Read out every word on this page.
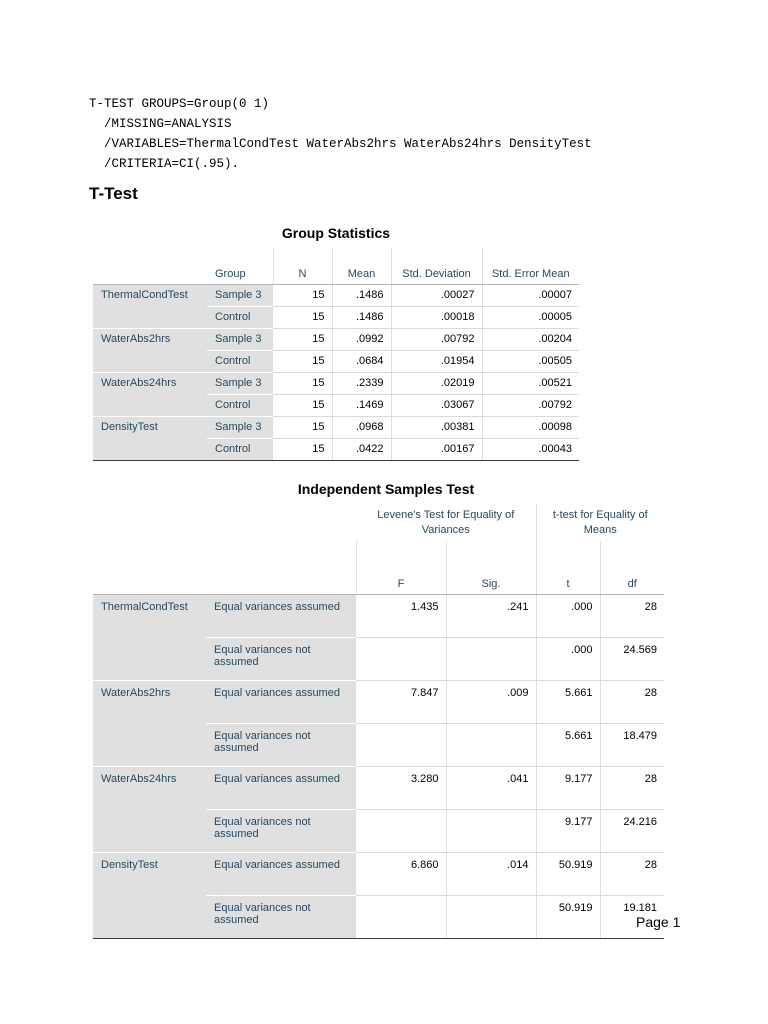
T-TEST GROUPS=Group(0 1)
/MISSING=ANALYSIS
/VARIABLES=ThermalCondTest WaterAbs2hrs WaterAbs24hrs DensityTest
/CRITERIA=CI(.95).
T-Test
Group Statistics
	Group	N	Mean	Std. Deviation	Std. Error Mean
ThermalCondTest	Sample 3	15	.1486	.00027	.00007
	Control	15	.1486	.00018	.00005
WaterAbs2hrs	Sample 3	15	.0992	.00792	.00204
	Control	15	.0684	.01954	.00505
WaterAbs24hrs	Sample 3	15	.2339	.02019	.00521
	Control	15	.1469	.03067	.00792
DensityTest	Sample 3	15	.0968	.00381	.00098
	Control	15	.0422	.00167	.00043
Independent Samples Test
		Levene's Test for Equality of Variances		t-test for Equality of Means	
		F	Sig.	t	df
ThermalCondTest	Equal variances assumed	1.435	.241	.000	28
	Equal variances not assumed			.000	24.569
WaterAbs2hrs	Equal variances assumed	7.847	.009	5.661	28
	Equal variances not assumed			5.661	18.479
WaterAbs24hrs	Equal variances assumed	3.280	.041	9.177	28
	Equal variances not assumed			9.177	24.216
DensityTest	Equal variances assumed	6.860	.014	50.919	28
	Equal variances not assumed			50.919	19.181
Page 1
